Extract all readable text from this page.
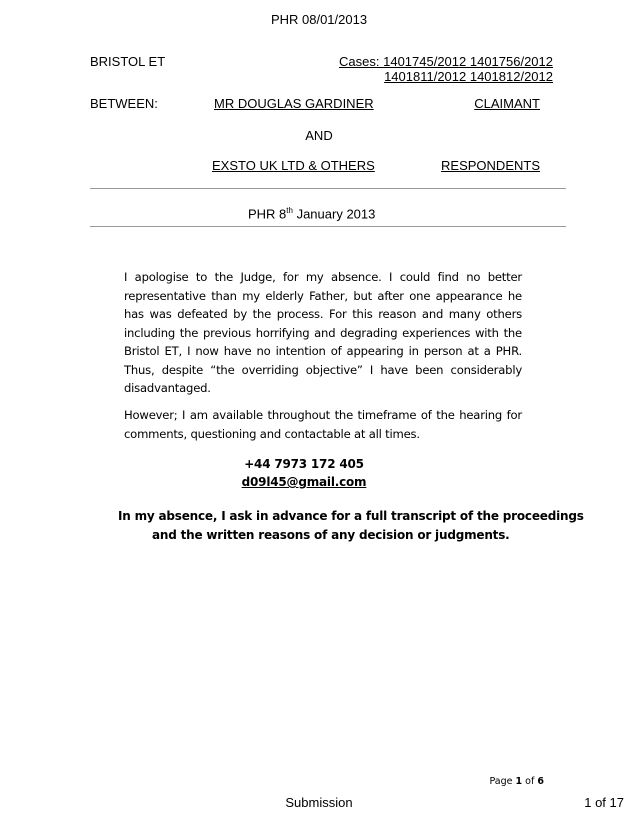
PHR 08/01/2013
BRISTOL ET	Cases: 1401745/2012 1401756/2012
1401811/2012 1401812/2012
BETWEEN:	MR DOUGLAS GARDINER	CLAIMANT
AND
EXSTO UK LTD & OTHERS	RESPONDENTS
PHR 8th January 2013
I apologise to the Judge, for my absence. I could find no better representative than my elderly Father, but after one appearance he has was defeated by the process. For this reason and many others including the previous horrifying and degrading experiences with the Bristol ET, I now have no intention of appearing in person at a PHR. Thus, despite “the overriding objective” I have been considerably disadvantaged.
However; I am available throughout the timeframe of the hearing for comments, questioning and contactable at all times.
+44 7973 172 405
d09l45@gmail.com
In my absence, I ask in advance for a full transcript of the proceedings
and the written reasons of any decision or judgments.
Page 1 of 6
Submission	1 of 17
